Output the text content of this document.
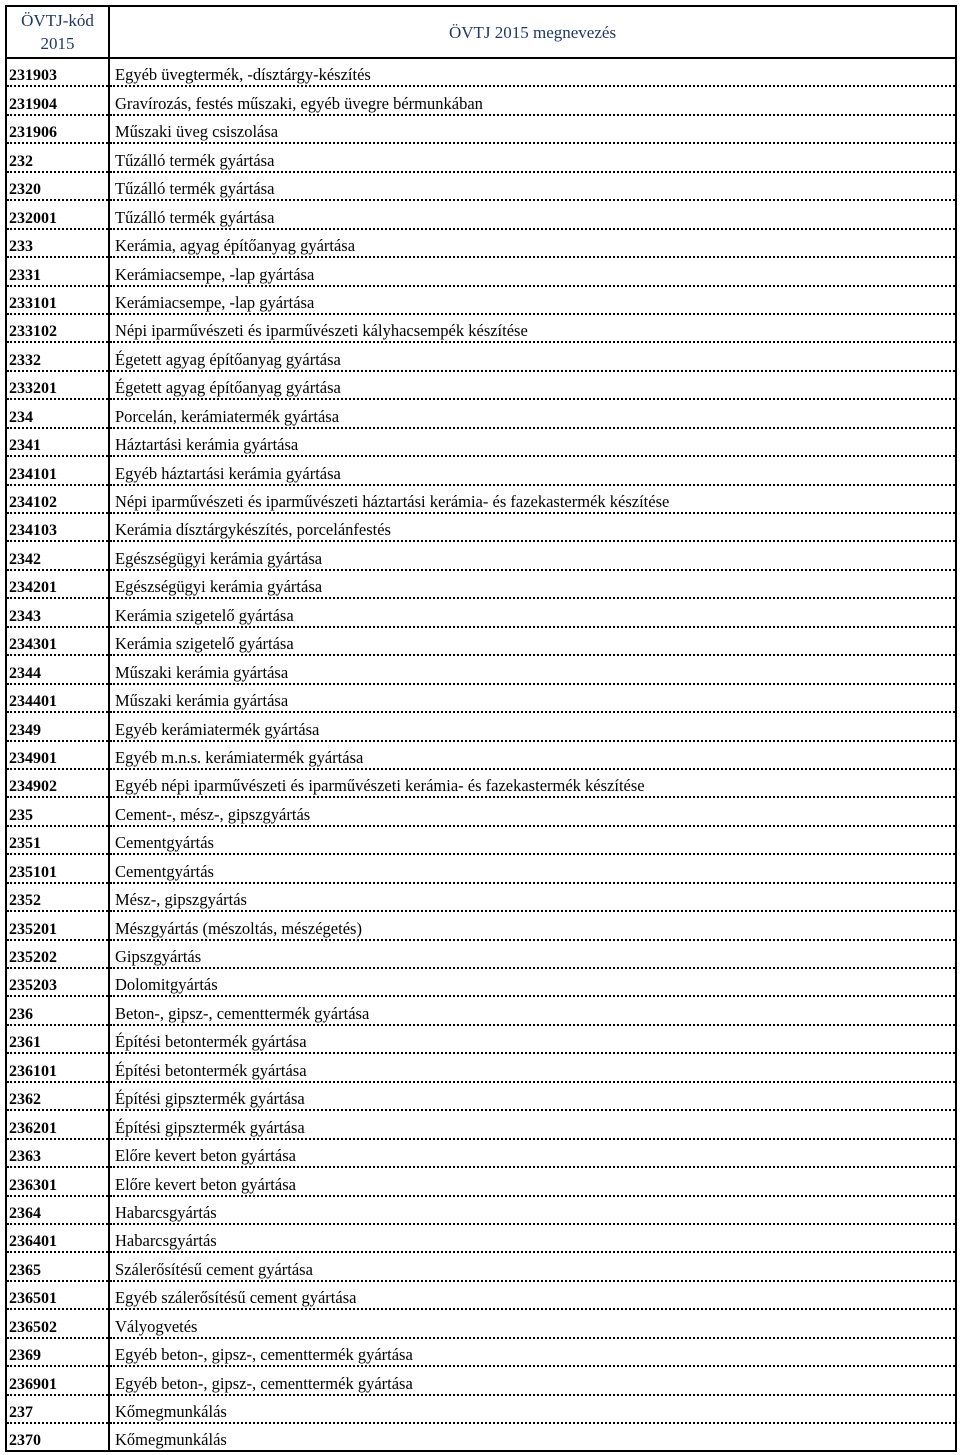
ÖVTJ-kód
2015	ÖVTJ 2015 megnevezés
231903	Egyéb üvegtermék, -dísztárgy-készítés
231904	Gravírozás, festés műszaki, egyéb üvegre bérmunkában
231906	Műszaki üveg csiszolása
232	Tűzálló termék gyártása
2320	Tűzálló termék gyártása
232001	Tűzálló termék gyártása
233	Kerámia, agyag építőanyag gyártása
2331	Kerámiacsempe, -lap gyártása
233101	Kerámiacsempe, -lap gyártása
233102	Népi iparművészeti és iparművészeti kályhacsempék készítése
2332	Égetett agyag építőanyag gyártása
233201	Égetett agyag építőanyag gyártása
234	Porcelán, kerámiatermék gyártása
2341	Háztartási kerámia gyártása
234101	Egyéb háztartási kerámia gyártása
234102	Népi iparművészeti és iparművészeti háztartási kerámia- és fazekastermék készítése
234103	Kerámia dísztárgykészítés, porcelánfestés
2342	Egészségügyi kerámia gyártása
234201	Egészségügyi kerámia gyártása
2343	Kerámia szigetelő gyártása
234301	Kerámia szigetelő gyártása
2344	Műszaki kerámia gyártása
234401	Műszaki kerámia gyártása
2349	Egyéb kerámiatermék gyártása
234901	Egyéb m.n.s. kerámiatermék gyártása
234902	Egyéb népi iparművészeti és iparművészeti kerámia- és fazekastermék készítése
235	Cement-, mész-, gipszgyártás
2351	Cementgyártás
235101	Cementgyártás
2352	Mész-, gipszgyártás
235201	Mészgyártás (mészoltás, mészégetés)
235202	Gipszgyártás
235203	Dolomitgyártás
236	Beton-, gipsz-, cementtermék gyártása
2361	Építési betontermék gyártása
236101	Építési betontermék gyártása
2362	Építési gipsztermék gyártása
236201	Építési gipsztermék gyártása
2363	Előre kevert beton gyártása
236301	Előre kevert beton gyártása
2364	Habarcsgyártás
236401	Habarcsgyártás
2365	Szálerősítésű cement gyártása
236501	Egyéb szálerősítésű cement gyártása
236502	Vályogvetés
2369	Egyéb beton-, gipsz-, cementtermék gyártása
236901	Egyéb beton-, gipsz-, cementtermék gyártása
237	Kőmegmunkálás
2370	Kőmegmunkálás
